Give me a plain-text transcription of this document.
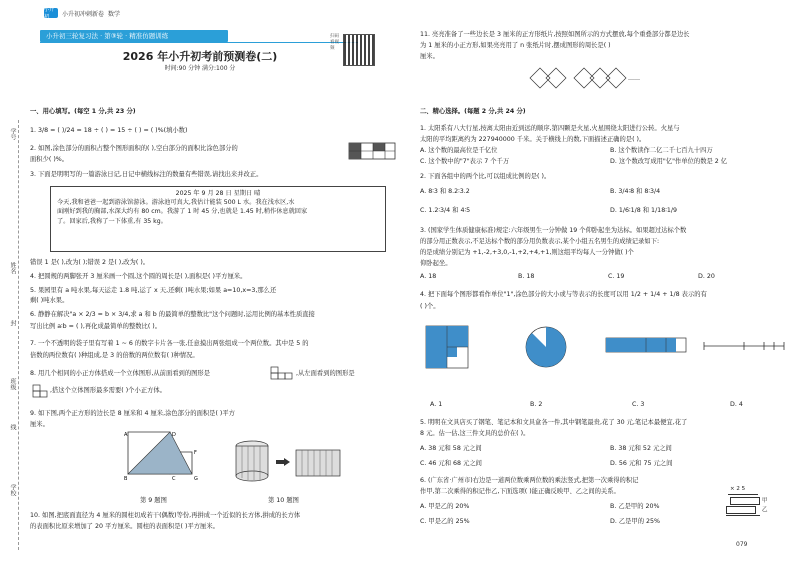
小升初	小升初冲刺新卷 数学
小升初三轮复习法 · 第③轮 · 精准仿题训练
2026 年小升初考前预测卷(二)
时间:90 分钟 满分:100 分
扫码看视频
学号
姓名
班级
学校
线
封
一、用心填写。(每空 1 分,共 23 分)
1. 3/8 = ( )/24 = 18 ÷ ( ) = 15 ÷ ( ) = ( )%(填小数)
2. 如图,涂色部分的面积占整个图形面积的( ),空白部分的面积比涂色部分的
面积少( )%。
3. 下面是明明写的一篇游泳日记,日记中横线标注的数量有些错误,请找出来并改正。
2025 年 9 月 28 日 星期日 晴
今天,我和爸爸一起到游泳馆游泳。游泳池可真大,我估计能装 500 L 水。我在浅水区,水
面刚好到我的胸部,水深大约有 80 cm。我游了 1 时 45 分,也就是 1.45 时,稍作休息就回家
了。回家后,我称了一下体重,有 35 kg。
错误 1 是( ),改为( );错误 2 是( ),改为( )。
4. 把圆规的两脚张开 3 厘米画一个圆,这个圆的周长是( ),面积是( )平方厘米。
5. 果园里有 a 吨水果,每天运走 1.8 吨,运了 x 天,还剩( )吨水果;如果 a=10,x=3,那么还
剩( )吨水果。
6. 静静在解决"a × 2/3 = b × 3/4,求 a 和 b 的最简单的整数比"这个问题时,运用比例的基本性质直接
写出比例 a∶b = ( ),再化成最简单的整数比( )。
7. 一个不透明的袋子里有写着 1 ~ 6 的数字卡片各一张,任意摸出两张组成一个两位数。其中是 5 的
倍数的两位数有( )种组成,是 3 的倍数的两位数有( )种情况。
8. 用几个相同的小正方体搭成一个立体图形,从前面看到的图形是	,从左面看到的图形是
,搭这个立体图形最多需要( )个小正方体。
9. 如下图,两个正方形的边长是 8 厘米和 4 厘米,涂色部分的面积是( )平方
厘米。
B	C	G
A	D
F
第 9 题图	第 10 题图
10. 如图,把底面直径为 4 厘米的圆柱切成若干(偶数)等份,再拼成一个近似的长方体,拼成的长方体
的表面积比原来增加了 20 平方厘米。圆柱的表面积是( )平方厘米。
11. 亮亮准备了一些边长是 3 厘米的正方形纸片,按照如图所示的方式摆放,每个重叠部分都是边长
为 1 厘米的小正方形,如果亮亮用了 n 张纸片时,摆成图形的周长是( )
厘米。
……
二、精心选择。(每题 2 分,共 24 分)
1. 太阳系有八大行星,按离太阳由近到远的顺序,第四颗是火星,火星围绕太阳进行公转。火星与
太阳的平均距离约为 227940000 千米。关于横线上的数,下面描述正确的是( )。
A. 这个数的最高位是千亿位	B. 这个数读作二亿二千七百九十四万
C. 这个数中的"7"表示 7 个千万	D. 这个数改写成用"亿"作单位的数是 2 亿
2. 下面各组中的两个比,可以组成比例的是( )。
A. 8∶3 和 8.2∶3.2	B. 3/4∶8 和 8∶3/4
C. 1.2∶3/4 和 4∶5	D. 1/6∶1/8 和 1/18∶1/9
3. (国家学生体质健康标准)规定:六年级男生一分钟做 19 个仰卧起坐为达标。如果超过达标个数
的部分用正数表示,不足达标个数的部分用负数表示,某个小组五名男生的成绩记录如下:
的是成绩分别记为 +1,-2,+3,0,-1,+2,+4,+1,则这组平均每人一分钟做( )个
仰卧起坐。
A. 18	B. 18	C. 19	D. 20
4. 把下面每个图形都看作单位"1",涂色部分的大小或与等表示的长度可以用 1/2 + 1/4 + 1/8 表示的有
( )个。
A. 1	B. 2	C. 3	D. 4
5. 明明在文具店买了钢笔、笔记本和文具盒各一件,其中钢笔最贵,花了 30 元,笔记本最便宜,花了
8 元。估一估,这三件文具的总价在( )。
A. 38 元和 58 元之间	B. 38 元和 52 元之间
C. 46 元和 68 元之间	D. 56 元和 75 元之间
6. (广东省·广州市)右边是一道两位数乘两位数的乘法竖式,把第一次乘得的积记
作甲,第二次乘得的积记作乙,下面选项( )能正确反映甲、乙之间的关系。
A. 甲是乙的 20%	B. 乙是甲的 20%
C. 甲是乙的 25%	D. 乙是甲的 25%
× 2 5
甲
乙
079
